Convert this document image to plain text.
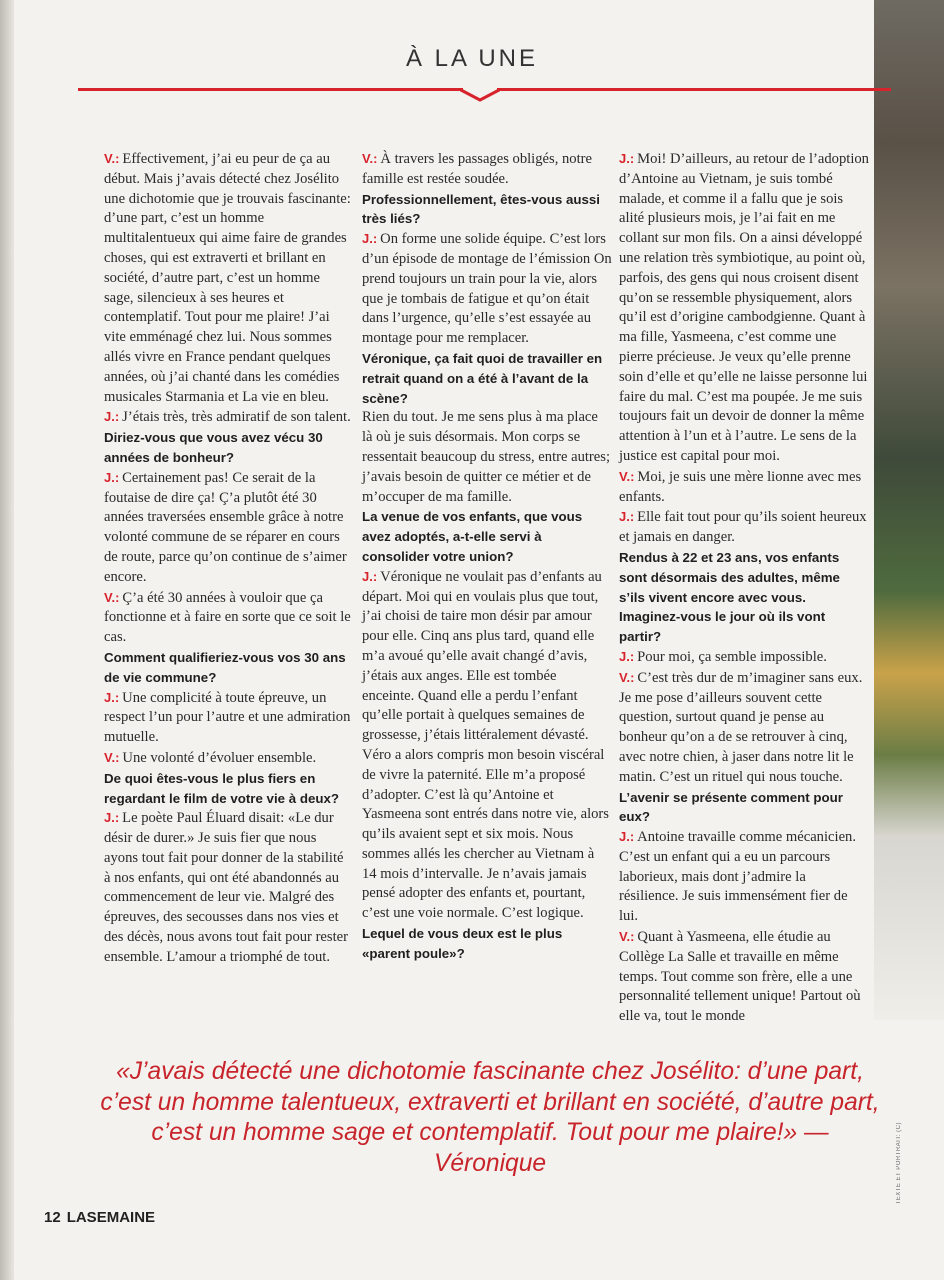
À LA UNE

V.: Effectivement, j’ai eu peur de ça au début. Mais j’avais détecté chez Josélito une dichotomie que je trouvais fascinante: d’une part, c’est un homme multitalentueux qui aime faire de grandes choses, qui est extraverti et brillant en société, d’autre part, c’est un homme sage, silencieux à ses heures et contemplatif. Tout pour me plaire! J’ai vite emménagé chez lui. Nous sommes allés vivre en France pendant quelques années, où j’ai chanté dans les comédies musicales Starmania et La vie en bleu.

J.: J’étais très, très admiratif de son talent.

Diriez-vous que vous avez vécu 30 années de bonheur?

J.: Certainement pas! Ce serait de la foutaise de dire ça! Ç’a plutôt été 30 années traversées ensemble grâce à notre volonté commune de se réparer en cours de route, parce qu’on continue de s’aimer encore.

V.: Ç’a été 30 années à vouloir que ça fonctionne et à faire en sorte que ce soit le cas.

Comment qualifieriez-vous vos 30 ans de vie commune?

J.: Une complicité à toute épreuve, un respect l’un pour l’autre et une admiration mutuelle.

V.: Une volonté d’évoluer ensemble.

De quoi êtes-vous le plus fiers en regardant le film de votre vie à deux?

J.: Le poète Paul Éluard disait: «Le dur désir de durer.» Je suis fier que nous ayons tout fait pour donner de la stabilité à nos enfants, qui ont été abandonnés au commencement de leur vie. Malgré des épreuves, des secousses dans nos vies et des décès, nous avons tout fait pour rester ensemble. L’amour a triomphé de tout.

V.: À travers les passages obligés, notre famille est restée soudée.

Professionnellement, êtes-vous aussi très liés?

J.: On forme une solide équipe. C’est lors d’un épisode de montage de l’émission On prend toujours un train pour la vie, alors que je tombais de fatigue et qu’on était dans l’urgence, qu’elle s’est essayée au montage pour me remplacer.

Véronique, ça fait quoi de travailler en retrait quand on a été à l’avant de la scène?

Rien du tout. Je me sens plus à ma place là où je suis désormais. Mon corps se ressentait beaucoup du stress, entre autres; j’avais besoin de quitter ce métier et de m’occuper de ma famille.

La venue de vos enfants, que vous avez adoptés, a-t-elle servi à consolider votre union?

J.: Véronique ne voulait pas d’enfants au départ. Moi qui en voulais plus que tout, j’ai choisi de taire mon désir par amour pour elle. Cinq ans plus tard, quand elle m’a avoué qu’elle avait changé d’avis, j’étais aux anges. Elle est tombée enceinte. Quand elle a perdu l’enfant qu’elle portait à quelques semaines de grossesse, j’étais littéralement dévasté. Véro a alors compris mon besoin viscéral de vivre la paternité. Elle m’a proposé d’adopter. C’est là qu’Antoine et Yasmeena sont entrés dans notre vie, alors qu’ils avaient sept et six mois. Nous sommes allés les chercher au Vietnam à 14 mois d’intervalle. Je n’avais jamais pensé adopter des enfants et, pourtant, c’est une voie normale. C’est logique.

Lequel de vous deux est le plus «parent poule»?

J.: Moi! D’ailleurs, au retour de l’adoption d’Antoine au Vietnam, je suis tombé malade, et comme il a fallu que je sois alité plusieurs mois, je l’ai fait en me collant sur mon fils. On a ainsi développé une relation très symbiotique, au point où, parfois, des gens qui nous croisent disent qu’on se ressemble physiquement, alors qu’il est d’origine cambodgienne. Quant à ma fille, Yasmeena, c’est comme une pierre précieuse. Je veux qu’elle prenne soin d’elle et qu’elle ne laisse personne lui faire du mal. C’est ma poupée. Je me suis toujours fait un devoir de donner la même attention à l’un et à l’autre. Le sens de la justice est capital pour moi.

V.: Moi, je suis une mère lionne avec mes enfants.

J.: Elle fait tout pour qu’ils soient heureux et jamais en danger.

Rendus à 22 et 23 ans, vos enfants sont désormais des adultes, même s’ils vivent encore avec vous. Imaginez-vous le jour où ils vont partir?

J.: Pour moi, ça semble impossible.

V.: C’est très dur de m’imaginer sans eux. Je me pose d’ailleurs souvent cette question, surtout quand je pense au bonheur qu’on a de se retrouver à cinq, avec notre chien, à jaser dans notre lit le matin. C’est un rituel qui nous touche.

L’avenir se présente comment pour eux?

J.: Antoine travaille comme mécanicien. C’est un enfant qui a eu un parcours laborieux, mais dont j’admire la résilience. Je suis immensément fier de lui.

V.: Quant à Yasmeena, elle étudie au Collège La Salle et travaille en même temps. Tout comme son frère, elle a une personnalité tellement unique! Partout où elle va, tout le monde

«J’avais détecté une dichotomie fascinante chez Josélito: d’une part, c’est un homme talentueux, extraverti et brillant en société, d’autre part, c’est un homme sage et contemplatif. Tout pour me plaire!» — Véronique
12 LASEMAINE
TEXTE ET PORTRAIT: (C)
